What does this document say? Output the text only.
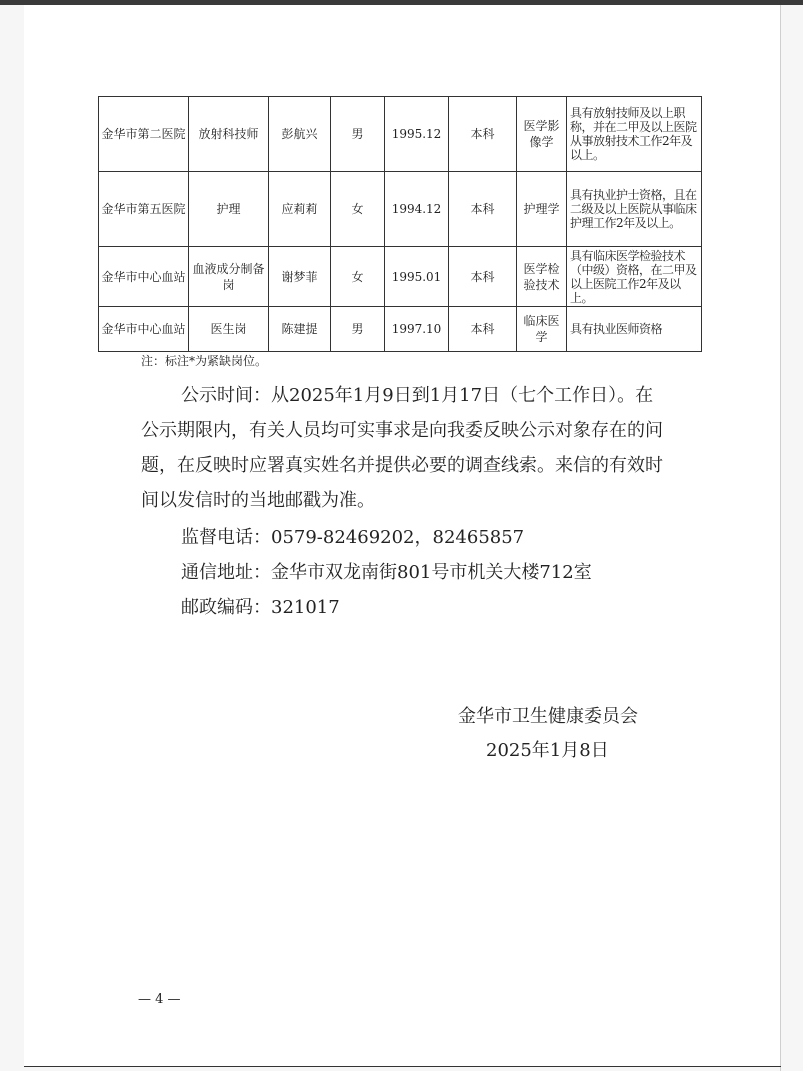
金华市第二医院	放射科技师	彭航兴	男	1995.12	本科	医学影像学	具有放射技师及以上职称，并在二甲及以上医院从事放射技术工作2年及以上。
金华市第五医院	护理	应莉莉	女	1994.12	本科	护理学	具有执业护士资格，且在二级及以上医院从事临床护理工作2年及以上。
金华市中心血站	血液成分制备岗	谢梦菲	女	1995.01	本科	医学检验技术	具有临床医学检验技术（中级）资格，在二甲及以上医院工作2年及以上。
金华市中心血站	医生岗	陈建提	男	1997.10	本科	临床医学	具有执业医师资格
注：标注*为紧缺岗位。

公示时间：从2025年1月9日到1月17日（七个工作日）。在公示期限内，有关人员均可实事求是向我委反映公示对象存在的问题，在反映时应署真实姓名并提供必要的调查线索。来信的有效时间以发信时的当地邮戳为准。

监督电话：0579-82469202，82465857
通信地址：金华市双龙南街801号市机关大楼712室
邮政编码：321017
金华市卫生健康委员会
2025年1月8日
— 4 —
